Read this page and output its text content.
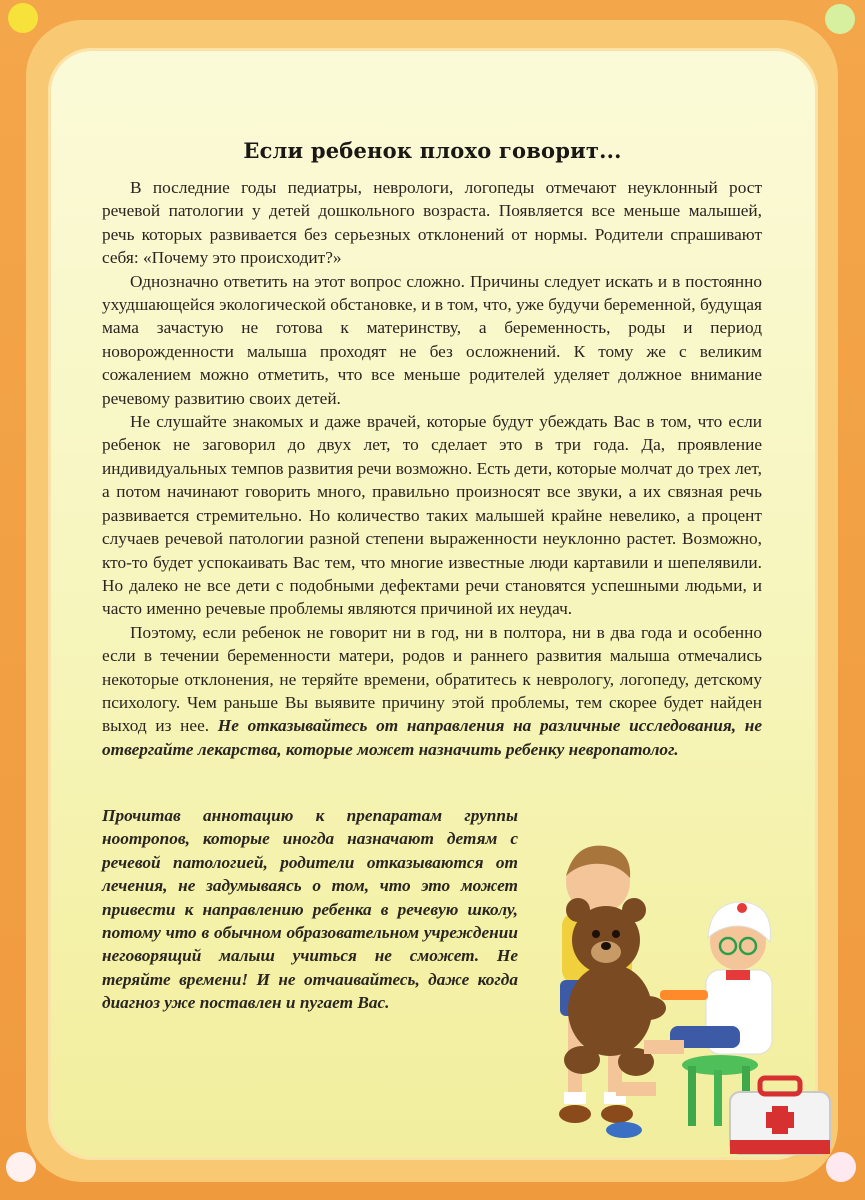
Если ребенок плохо говорит...

В последние годы педиатры, неврологи, логопеды отмечают неуклонный рост речевой патологии у детей дошкольного возраста. Появляется все меньше малышей, речь которых развивается без серьезных отклонений от нормы. Родители спрашивают себя: «Почему это происходит?»

Однозначно ответить на этот вопрос сложно. Причины следует искать и в постоянно ухудшающейся экологической обстановке, и в том, что, уже будучи беременной, будущая мама зачастую не готова к материнству, а беременность, роды и период новорожденности малыша проходят не без осложнений. К тому же с великим сожалением можно отметить, что все меньше родителей уделяет должное внимание речевому развитию своих детей.

Не слушайте знакомых и даже врачей, которые будут убеждать Вас в том, что если ребенок не заговорил до двух лет, то сделает это в три года. Да, проявление индивидуальных темпов развития речи возможно. Есть дети, которые молчат до трех лет, а потом начинают говорить много, правильно произносят все звуки, а их связная речь развивается стремительно. Но количество таких малышей крайне невелико, а процент случаев речевой патологии разной степени выраженности неуклонно растет. Возможно, кто-то будет успокаивать Вас тем, что многие известные люди картавили и шепелявили. Но далеко не все дети с подобными дефектами речи становятся успешными людьми, и часто именно речевые проблемы являются причиной их неудач.

Поэтому, если ребенок не говорит ни в год, ни в полтора, ни в два года и особенно если в течении беременности матери, родов и раннего развития малыша отмечались некоторые отклонения, не теряйте времени, обратитесь к неврологу, логопеду, детскому психологу. Чем раньше Вы выявите причину этой проблемы, тем скорее будет найден выход из нее. Не отказывайтесь от направления на различные исследования, не отвергайте лекарства, которые может назначить ребенку невропатолог.

Прочитав аннотацию к препаратам группы ноотропов, которые иногда назначают детям с речевой патологией, родители отказываются от лечения, не задумываясь о том, что это может привести к направлению ребенка в речевую школу, потому что в обычном образовательном учреждении неговорящий малыш учиться не сможет. Не теряйте времени! И не отчаивайтесь, даже когда диагноз уже поставлен и пугает Вас.
